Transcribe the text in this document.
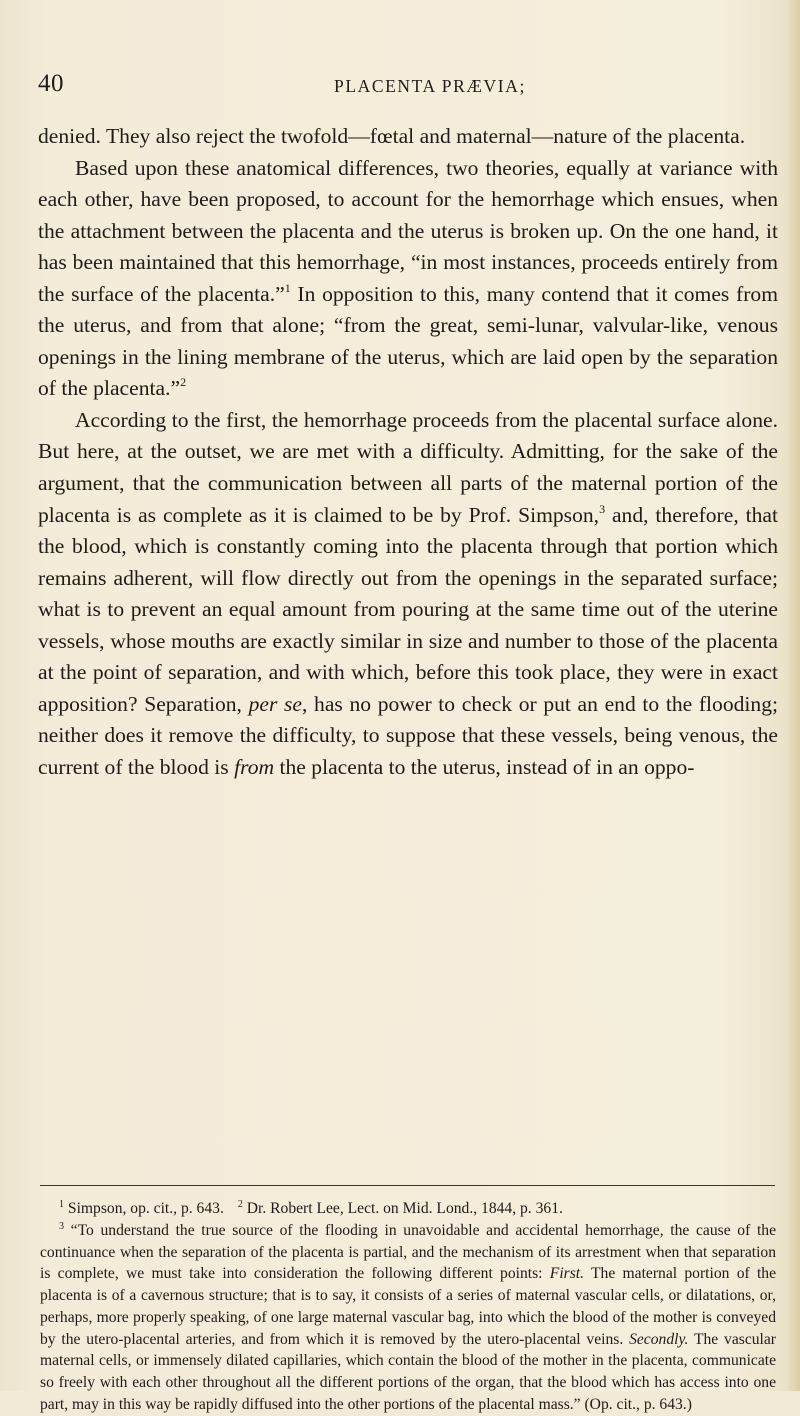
40	PLACENTA PRÆVIA;

denied. They also reject the twofold—fœtal and maternal—nature of the placenta.

Based upon these anatomical differences, two theories, equally at variance with each other, have been proposed, to account for the hemorrhage which ensues, when the attachment between the placenta and the uterus is broken up. On the one hand, it has been maintained that this hemorrhage, “in most instances, proceeds entirely from the surface of the placenta.”$^1$ In opposition to this, many contend that it comes from the uterus, and from that alone; “from the great, semi-lunar, valvular-like, venous openings in the lining membrane of the uterus, which are laid open by the separation of the placenta.”$^2$

According to the first, the hemorrhage proceeds from the placental surface alone. But here, at the outset, we are met with a difficulty. Admitting, for the sake of the argument, that the communication between all parts of the maternal portion of the placenta is as complete as it is claimed to be by Prof. Simpson,$^3$ and, therefore, that the blood, which is constantly coming into the placenta through that portion which remains adherent, will flow directly out from the openings in the separated surface; what is to prevent an equal amount from pouring at the same time out of the uterine vessels, whose mouths are exactly similar in size and number to those of the placenta at the point of separation, and with which, before this took place, they were in exact apposition? Separation, per se, has no power to check or put an end to the flooding; neither does it remove the difficulty, to suppose that these vessels, being venous, the current of the blood is from the placenta to the uterus, instead of in an oppo-

$^1$ Simpson, op. cit., p. 643. $^2$ Dr. Robert Lee, Lect. on Mid. Lond., 1844, p. 361.

$^3$ “To understand the true source of the flooding in unavoidable and accidental hemorrhage, the cause of the continuance when the separation of the placenta is partial, and the mechanism of its arrestment when that separation is complete, we must take into consideration the following different points: First. The maternal portion of the placenta is of a cavernous structure; that is to say, it consists of a series of maternal vascular cells, or dilatations, or, perhaps, more properly speaking, of one large maternal vascular bag, into which the blood of the mother is conveyed by the utero-placental arteries, and from which it is removed by the utero-placental veins. Secondly. The vascular maternal cells, or immensely dilated capillaries, which contain the blood of the mother in the placenta, communicate so freely with each other throughout all the different portions of the organ, that the blood which has access into one part, may in this way be rapidly diffused into the other portions of the placental mass.” (Op. cit., p. 643.)
